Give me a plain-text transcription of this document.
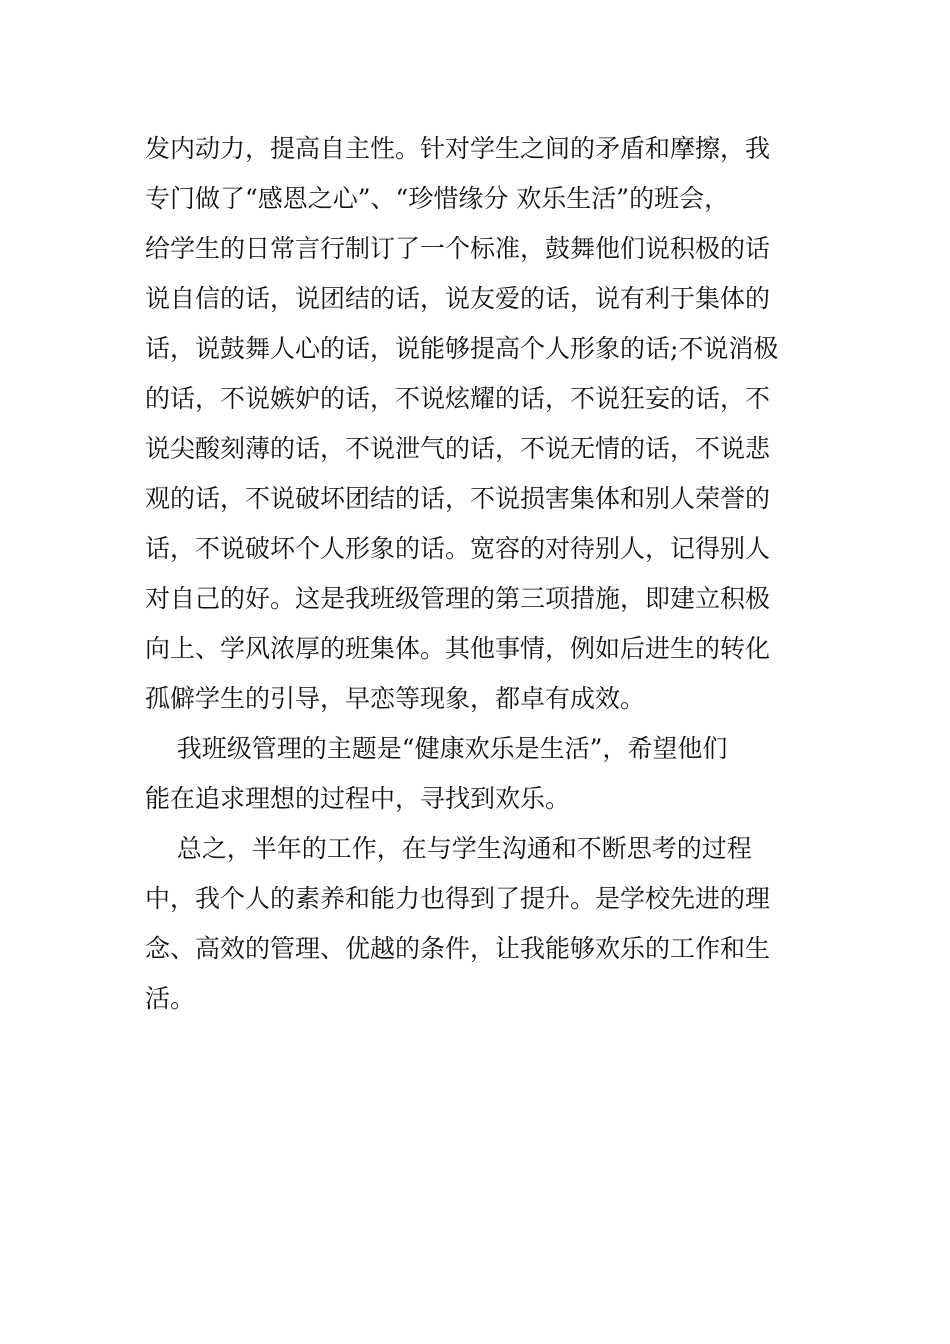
发内动力，提高自主性。针对学生之间的矛盾和摩擦，我
专门做了“感恩之心”、“珍惜缘分 欢乐生活”的班会，
给学生的日常言行制订了一个标准，鼓舞他们说积极的话
说自信的话，说团结的话，说友爱的话，说有利于集体的
话，说鼓舞人心的话，说能够提高个人形象的话;不说消极
的话，不说嫉妒的话，不说炫耀的话，不说狂妄的话，不
说尖酸刻薄的话，不说泄气的话，不说无情的话，不说悲
观的话，不说破坏团结的话，不说损害集体和别人荣誉的
话，不说破坏个人形象的话。宽容的对待别人，记得别人
对自己的好。这是我班级管理的第三项措施，即建立积极
向上、学风浓厚的班集体。其他事情，例如后进生的转化
孤僻学生的引导，早恋等现象，都卓有成效。
我班级管理的主题是“健康欢乐是生活”，希望他们
能在追求理想的过程中，寻找到欢乐。
总之，半年的工作，在与学生沟通和不断思考的过程
中，我个人的素养和能力也得到了提升。是学校先进的理
念、高效的管理、优越的条件，让我能够欢乐的工作和生
活。
